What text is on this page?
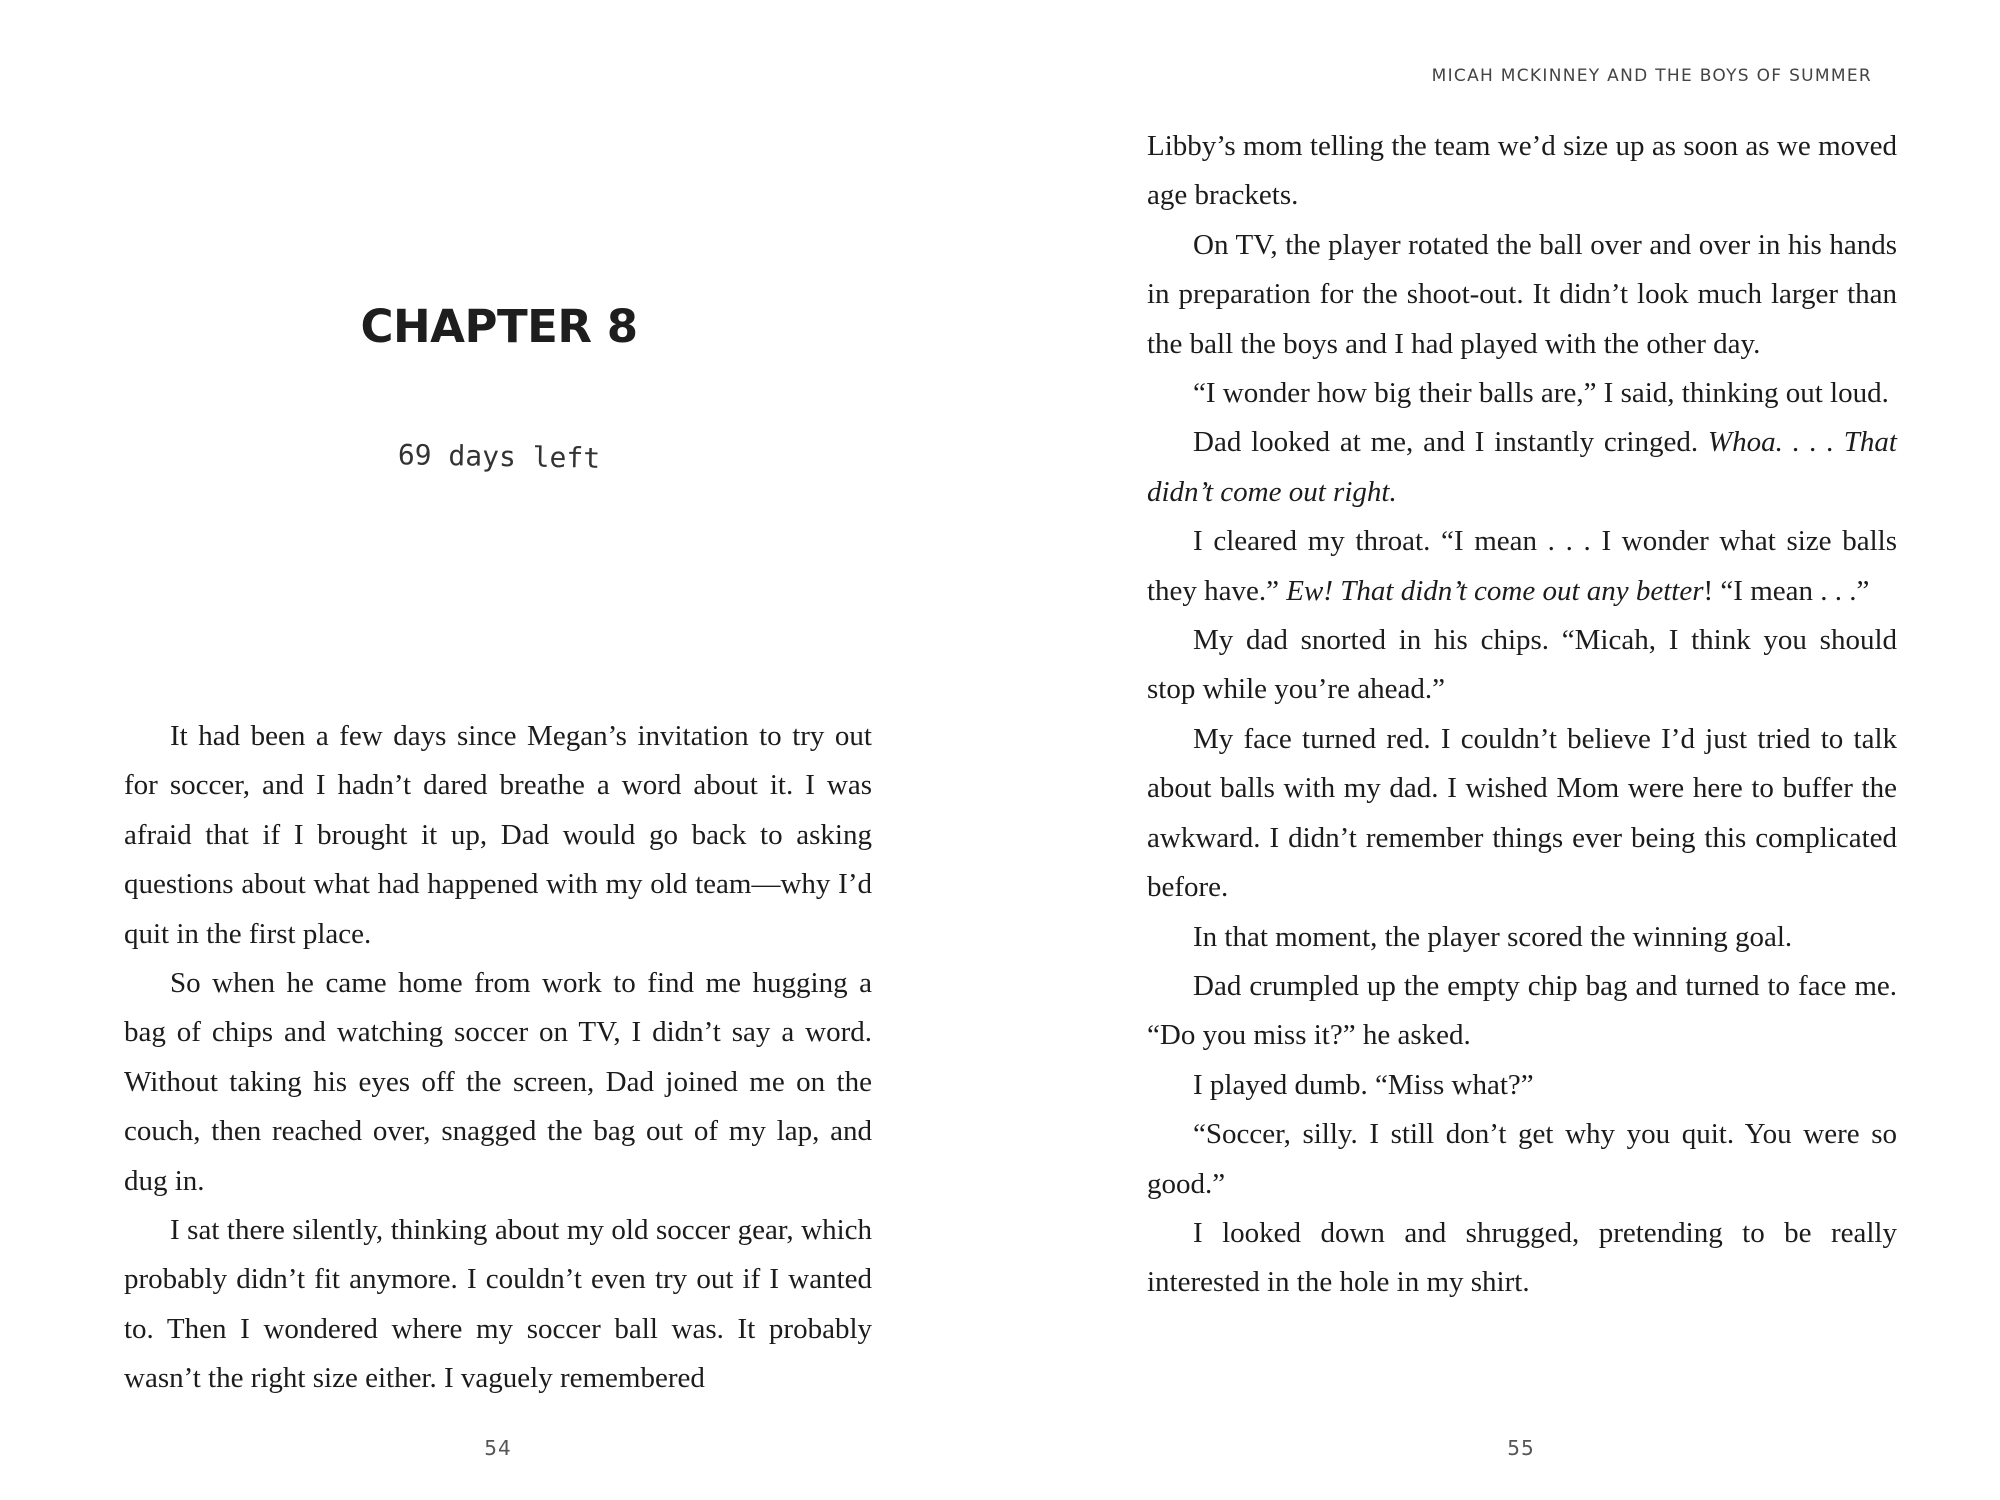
CHAPTER 8
69 days left

It had been a few days since Megan’s invitation to try out for soccer, and I hadn’t dared breathe a word about it. I was afraid that if I brought it up, Dad would go back to asking questions about what had happened with my old team—why I’d quit in the first place.

So when he came home from work to find me hugging a bag of chips and watching soccer on TV, I didn’t say a word. Without taking his eyes off the screen, Dad joined me on the couch, then reached over, snagged the bag out of my lap, and dug in.

I sat there silently, thinking about my old soccer gear, which probably didn’t fit anymore. I couldn’t even try out if I wanted to. Then I wondered where my soccer ball was. It probably wasn’t the right size either. I vaguely remembered

54
MICAH MCKINNEY AND THE BOYS OF SUMMER

Libby’s mom telling the team we’d size up as soon as we moved age brackets.

On TV, the player rotated the ball over and over in his hands in preparation for the shoot-out. It didn’t look much larger than the ball the boys and I had played with the other day.

“I wonder how big their balls are,” I said, thinking out loud.

Dad looked at me, and I instantly cringed. Whoa. . . . That didn’t come out right.

I cleared my throat. “I mean . . . I wonder what size balls they have.” Ew! That didn’t come out any better! “I mean . . .”

My dad snorted in his chips. “Micah, I think you should stop while you’re ahead.”

My face turned red. I couldn’t believe I’d just tried to talk about balls with my dad. I wished Mom were here to buffer the awkward. I didn’t remember things ever being this complicated before.

In that moment, the player scored the winning goal.

Dad crumpled up the empty chip bag and turned to face me. “Do you miss it?” he asked.

I played dumb. “Miss what?”

“Soccer, silly. I still don’t get why you quit. You were so good.”

I looked down and shrugged, pretending to be really interested in the hole in my shirt.

55
